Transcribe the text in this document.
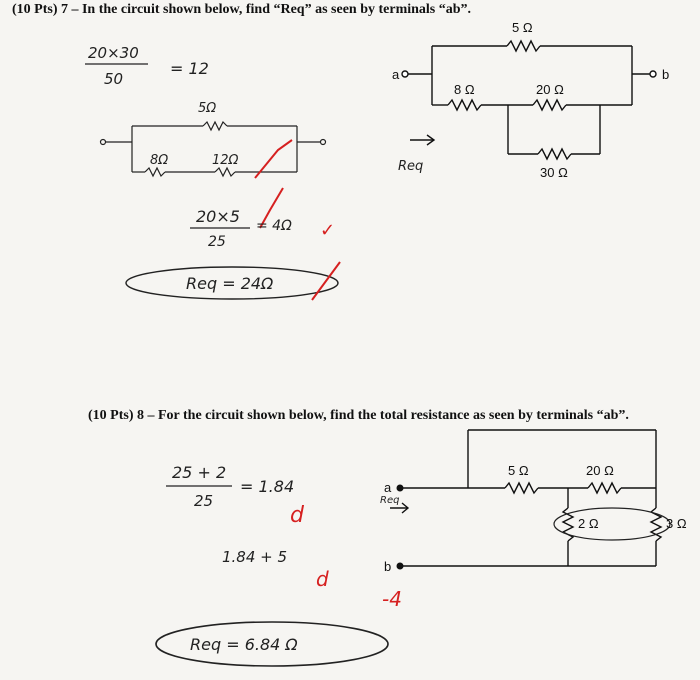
(10 Pts) 7 – In the circuit shown below, find “Req” as seen by terminals “ab”.
(10 Pts) 8 – For the circuit shown below, find the total resistance as seen by terminals “ab”.
a	b
5 Ω
8 Ω	20 Ω
30 Ω
Req
20×30
50
= 12
5Ω
8Ω	12Ω
20×5
25
= 4Ω ✓
Req = 24Ω
a
b
5 Ω	20 Ω
2 Ω	3 Ω
Req
25 + 2
25
= 1.84
d
1.84 + 5
d
-4
Req = 6.84 Ω
